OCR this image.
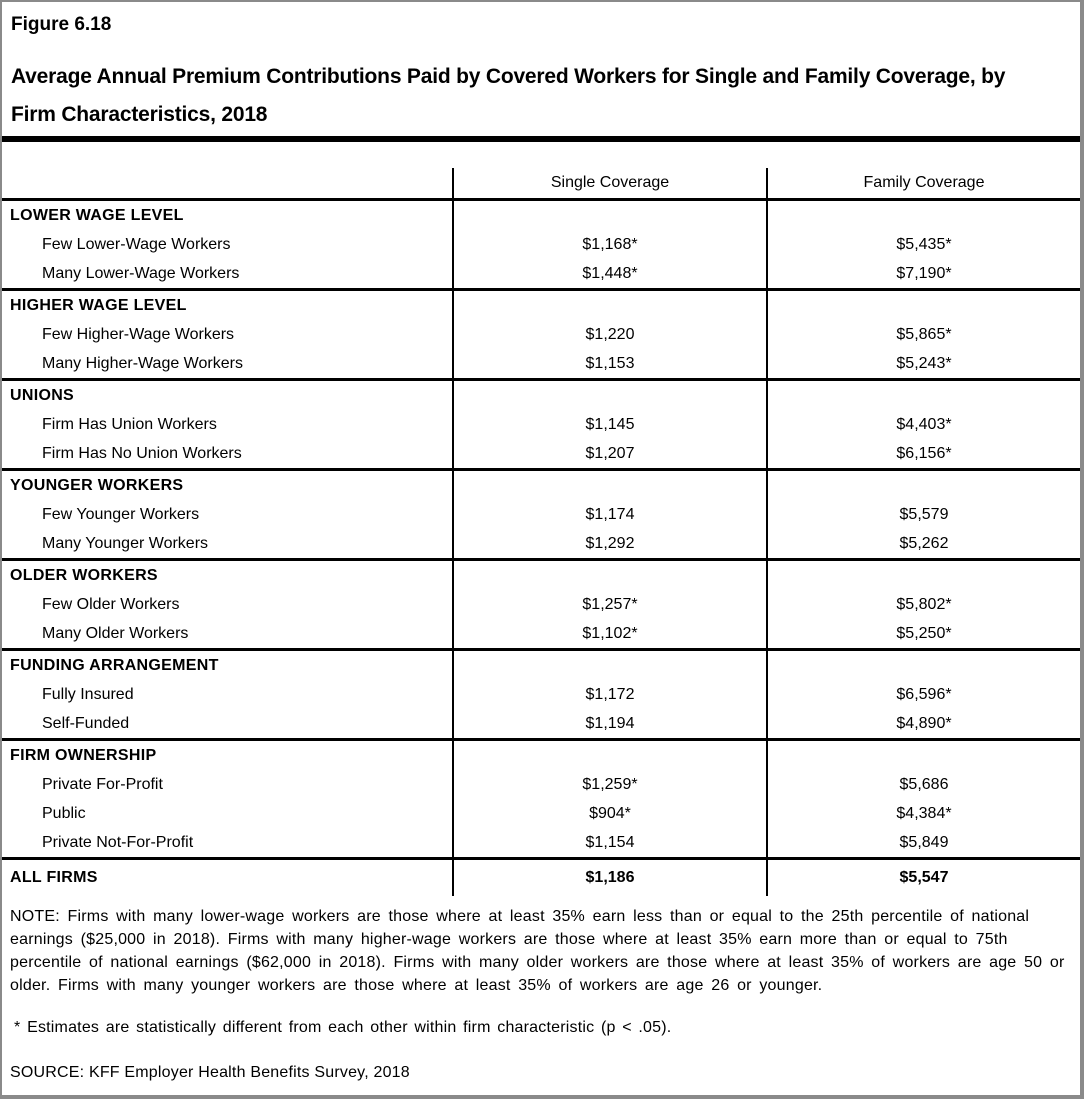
Figure 6.18
Average Annual Premium Contributions Paid by Covered Workers for Single and Family Coverage, by Firm Characteristics, 2018
	Single Coverage	Family Coverage
LOWER WAGE LEVEL		
Few Lower-Wage Workers	$1,168*	$5,435*
Many Lower-Wage Workers	$1,448*	$7,190*
HIGHER WAGE LEVEL		
Few Higher-Wage Workers	$1,220	$5,865*
Many Higher-Wage Workers	$1,153	$5,243*
UNIONS		
Firm Has Union Workers	$1,145	$4,403*
Firm Has No Union Workers	$1,207	$6,156*
YOUNGER WORKERS		
Few Younger Workers	$1,174	$5,579
Many Younger Workers	$1,292	$5,262
OLDER WORKERS		
Few Older Workers	$1,257*	$5,802*
Many Older Workers	$1,102*	$5,250*
FUNDING ARRANGEMENT		
Fully Insured	$1,172	$6,596*
Self-Funded	$1,194	$4,890*
FIRM OWNERSHIP		
Private For-Profit	$1,259*	$5,686
Public	$904*	$4,384*
Private Not-For-Profit	$1,154	$5,849
ALL FIRMS	$1,186	$5,547

NOTE: Firms with many lower-wage workers are those where at least 35% earn less than or equal to the 25th percentile of national earnings ($25,000 in 2018). Firms with many higher-wage workers are those where at least 35% earn more than or equal to 75th percentile of national earnings ($62,000 in 2018). Firms with many older workers are those where at least 35% of workers are age 50 or older. Firms with many younger workers are those where at least 35% of workers are age 26 or younger.

* Estimates are statistically different from each other within firm characteristic (p < .05).

SOURCE: KFF Employer Health Benefits Survey, 2018
